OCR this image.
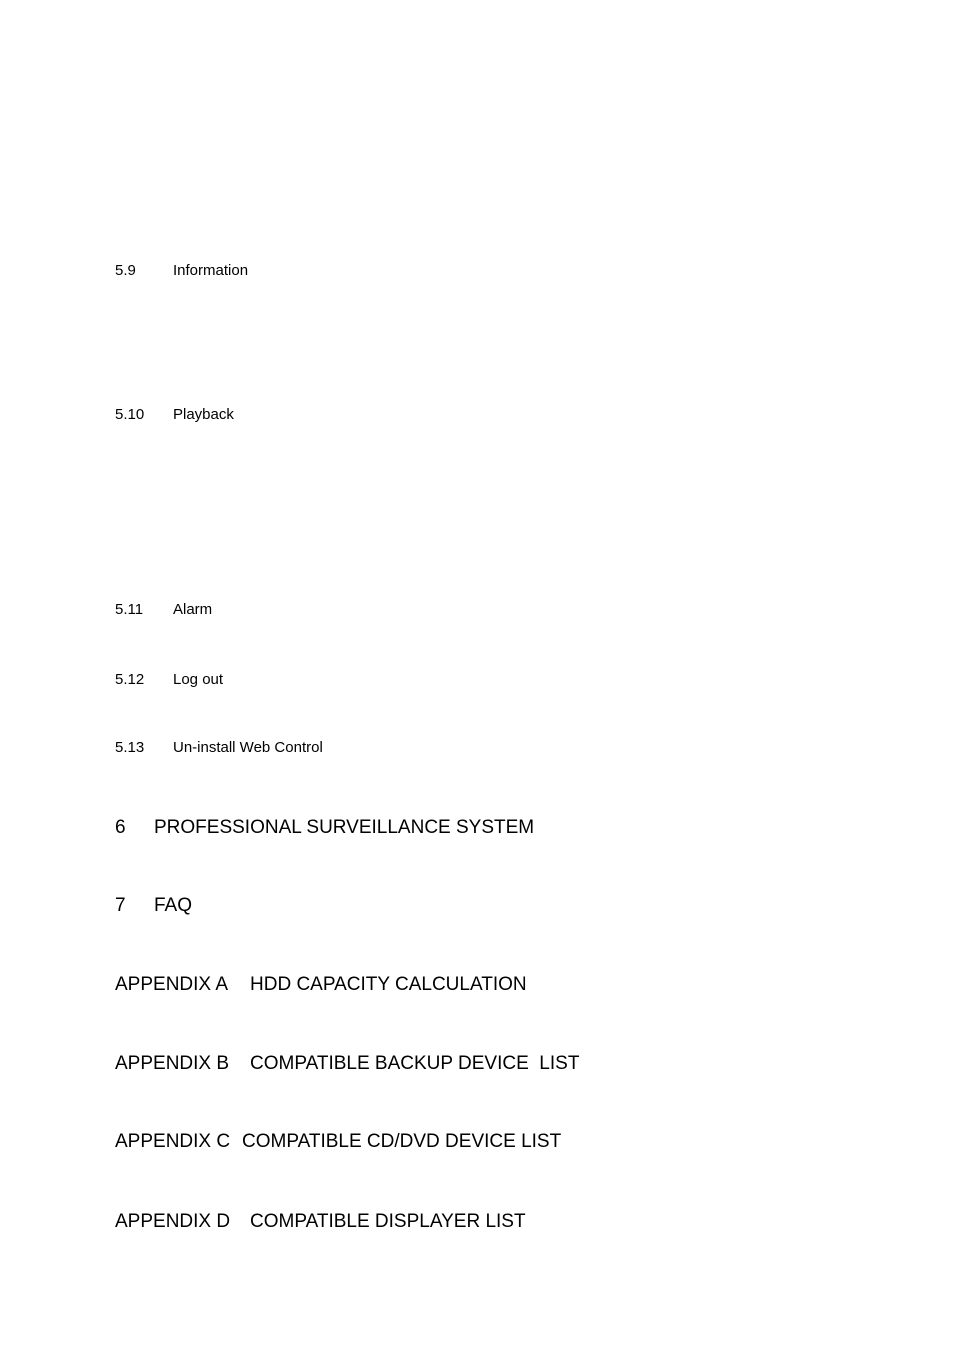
5.9 Information
5.10 Playback
5.11 Alarm
5.12 Log out
5.13 Un-install Web Control
6 PROFESSIONAL SURVEILLANCE SYSTEM
7 FAQ
APPENDIX A HDD CAPACITY CALCULATION
APPENDIX B COMPATIBLE BACKUP DEVICE  LIST
APPENDIX C COMPATIBLE CD/DVD DEVICE LIST
APPENDIX D COMPATIBLE DISPLAYER LIST
